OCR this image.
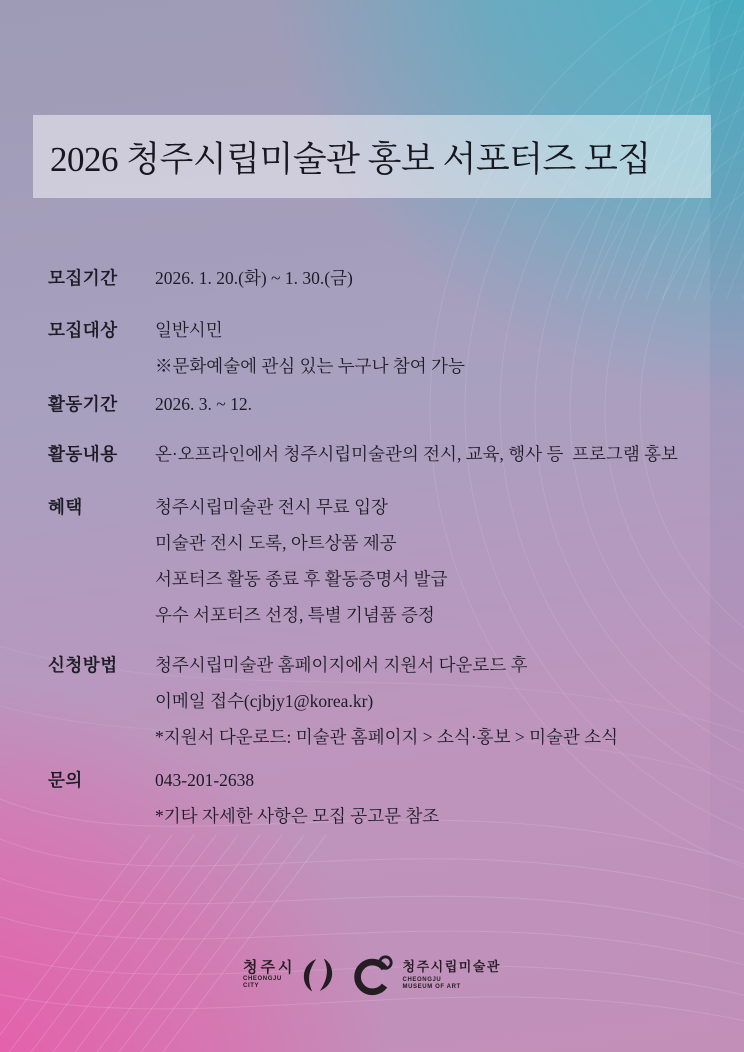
2026 청주시립미술관 홍보 서포터즈 모집
모집기간	2026. 1. 20.(화) ~ 1. 30.(금)

모집대상	일반시민

※문화예술에 관심 있는 누구나 참여 가능

활동기간	2026. 3. ~ 12.

활동내용	온·오프라인에서 청주시립미술관의 전시, 교육, 행사 등  프로그램 홍보

혜택	청주시립미술관 전시 무료 입장

미술관 전시 도록, 아트상품 제공

서포터즈 활동 종료 후 활동증명서 발급

우수 서포터즈 선정, 특별 기념품 증정

신청방법	청주시립미술관 홈페이지에서 지원서 다운로드 후

이메일 접수(cjbjy1@korea.kr)

*지원서 다운로드: 미술관 홈페이지 > 소식·홍보 > 미술관 소식

문의	043-201-2638

*기타 자세한 사항은 모집 공고문 참조

청주시
CHEONGJU
CITY
청주시립미술관
CHEONGJU
MUSEUM OF ART
